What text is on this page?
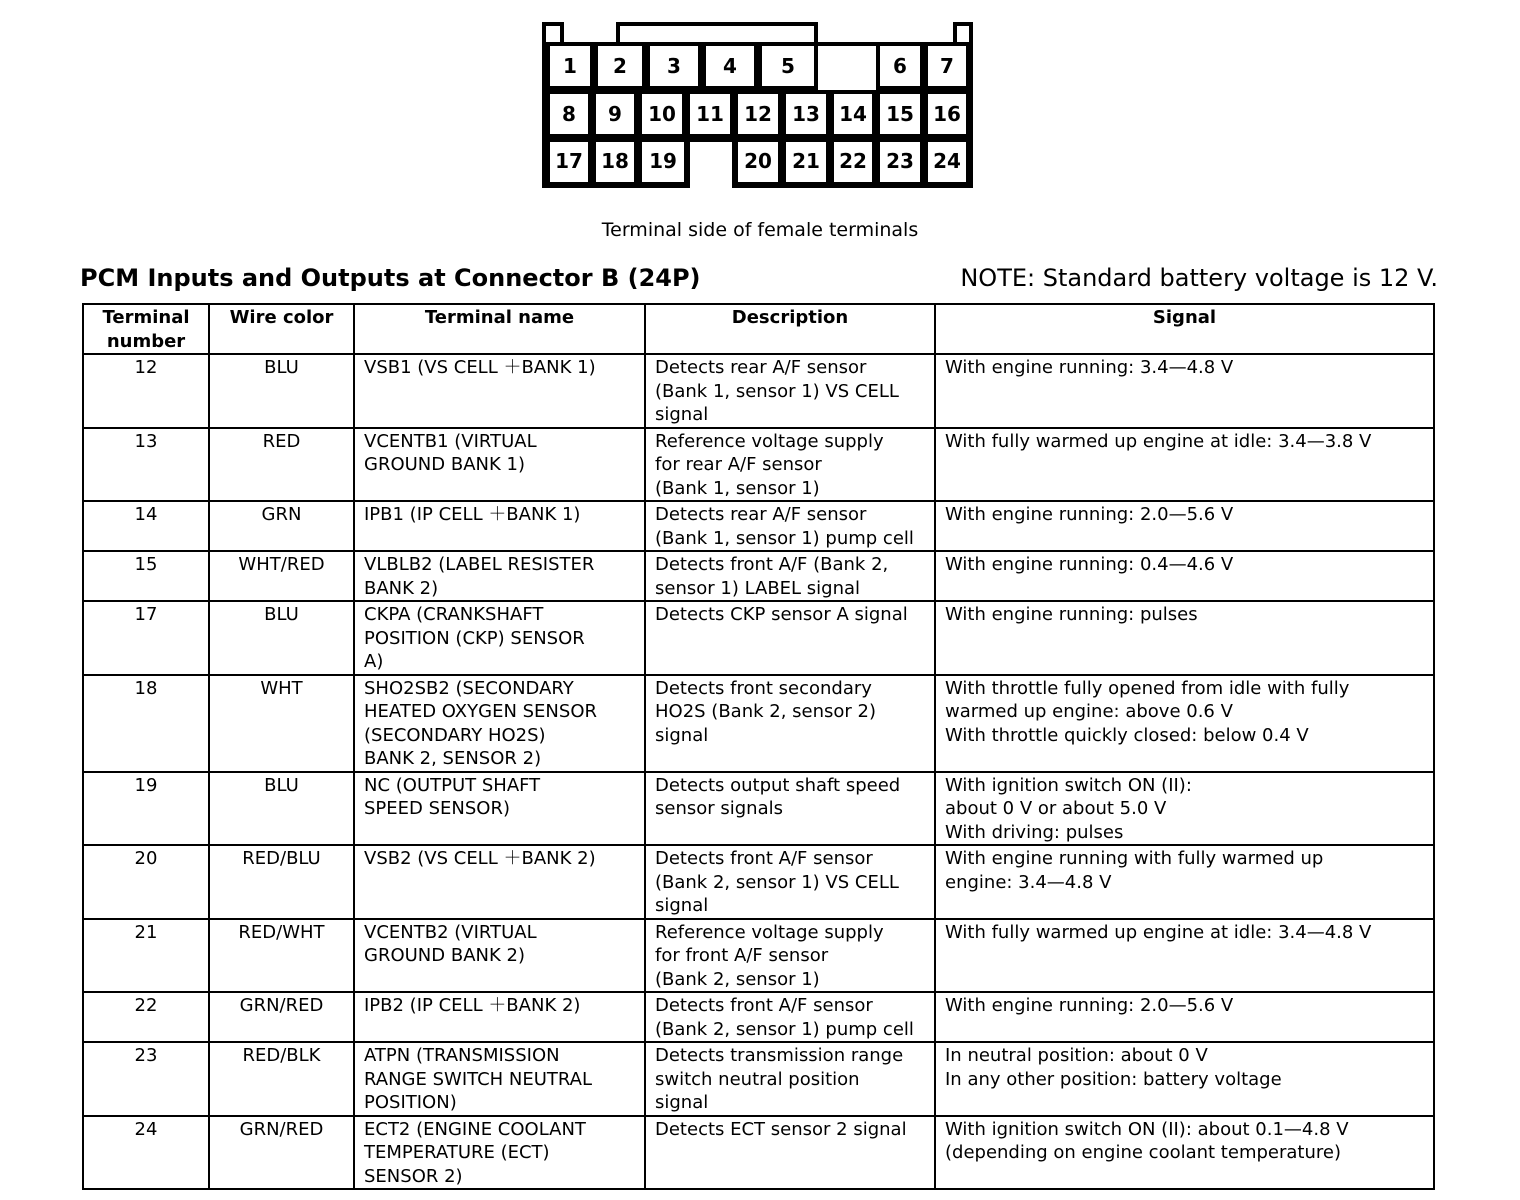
1	2	3	4	5	6	7
8	9	10	11	12	13 14 15 16
17 18	19	20	21 22 23 24
Terminal side of female terminals
PCM Inputs and Outputs at Connector B (24P)	NOTE: Standard battery voltage is 12 V.
Terminal
number	Wire color	Terminal name	Description	Signal

12	BLU	VSB1 (VS CELL ＋BANK 1)	Detects rear A/F sensor
(Bank 1, sensor 1) VS CELL
signal	With engine running: 3.4—4.8 V

13	RED	VCENTB1 (VIRTUAL
GROUND BANK 1)	Reference voltage supply
for rear A/F sensor
(Bank 1, sensor 1)	With fully warmed up engine at idle: 3.4—3.8 V

14	GRN	IPB1 (IP CELL ＋BANK 1)	Detects rear A/F sensor
(Bank 1, sensor 1) pump cell	With engine running: 2.0—5.6 V

15	WHT/RED	VLBLB2 (LABEL RESISTER
BANK 2)	Detects front A/F (Bank 2,
sensor 1) LABEL signal	With engine running: 0.4—4.6 V

17	BLU	CKPA (CRANKSHAFT
POSITION (CKP) SENSOR
A)	Detects CKP sensor A signal	With engine running: pulses

18	WHT	SHO2SB2 (SECONDARY
HEATED OXYGEN SENSOR
(SECONDARY HO2S)
BANK 2, SENSOR 2)	Detects front secondary
HO2S (Bank 2, sensor 2)
signal	With throttle fully opened from idle with fully
warmed up engine: above 0.6 V
With throttle quickly closed: below 0.4 V

19	BLU	NC (OUTPUT SHAFT
SPEED SENSOR)	Detects output shaft speed
sensor signals	With ignition switch ON (II):
about 0 V or about 5.0 V
With driving: pulses

20	RED/BLU	VSB2 (VS CELL ＋BANK 2)	Detects front A/F sensor
(Bank 2, sensor 1) VS CELL
signal	With engine running with fully warmed up
engine: 3.4—4.8 V

21	RED/WHT	VCENTB2 (VIRTUAL
GROUND BANK 2)	Reference voltage supply
for front A/F sensor
(Bank 2, sensor 1)	With fully warmed up engine at idle: 3.4—4.8 V

22	GRN/RED	IPB2 (IP CELL ＋BANK 2)	Detects front A/F sensor
(Bank 2, sensor 1) pump cell	With engine running: 2.0—5.6 V

23	RED/BLK	ATPN (TRANSMISSION
RANGE SWITCH NEUTRAL
POSITION)	Detects transmission range
switch neutral position
signal	In neutral position: about 0 V
In any other position: battery voltage

24	GRN/RED	ECT2 (ENGINE COOLANT
TEMPERATURE (ECT)
SENSOR 2)	Detects ECT sensor 2 signal	With ignition switch ON (II): about 0.1—4.8 V
(depending on engine coolant temperature)
